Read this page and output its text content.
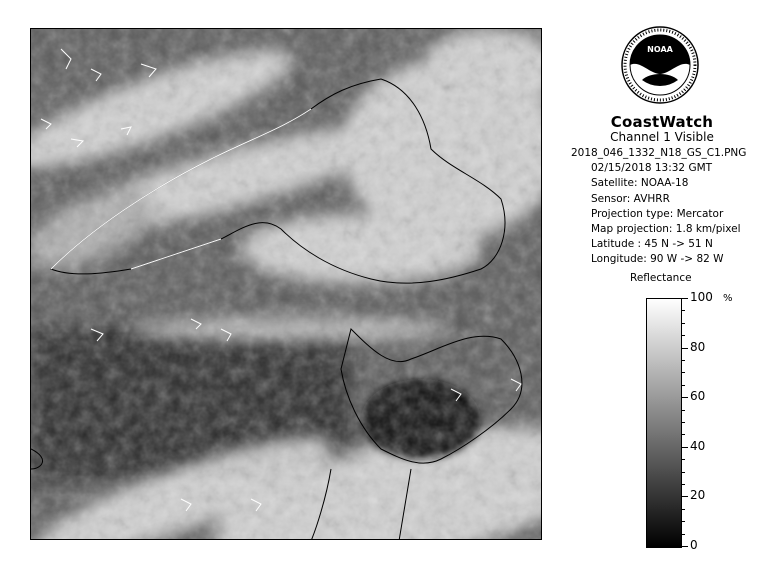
NOAA
CoastWatch
Channel 1 Visible
2018_046_1332_N18_GS_C1.PNG
02/15/2018 13:32 GMT
Satellite: NOAA-18
Sensor: AVHRR
Projection type: Mercator
Map projection: 1.8 km/pixel
Latitude : 45 N -> 51 N
Longitude: 90 W -> 82 W
Reflectance
%
100
80
60
40
20
0
